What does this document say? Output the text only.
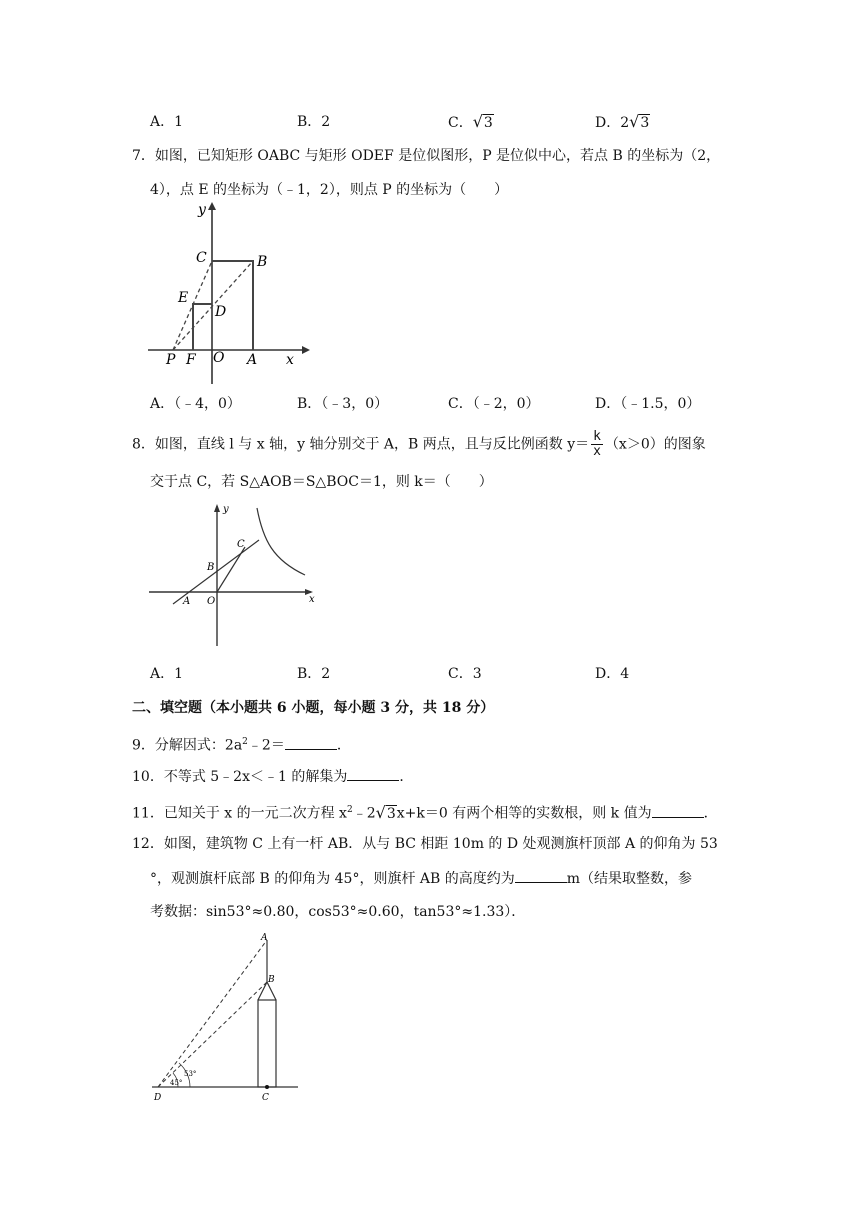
A．1	B．2	C．√3	D．2√3
7．如图，已知矩形 OABC 与矩形 ODEF 是位似图形，P 是位似中心，若点 B 的坐标为（2，
4），点 E 的坐标为（﹣1，2），则点 P 的坐标为（　　）
y
x
C	B
E
D
P F O A
A．（﹣4，0）	B．（﹣3，0）	C．（﹣2，0）	D．（﹣1.5，0）
8．如图，直线 l 与 x 轴，y 轴分别交于 A，B 两点，且与反比例函数 $y= \frac{k}{x} (x>0)$的图象
交于点 C，若 S△AOB＝S△BOC＝1，则 k＝（　　）
y
x
C
B
A O
A．1	B．2	C．3	D．4
二、填空题（本小题共 6 小题，每小题 3 分，共 18 分）
9．分解因式：$2a^2﹣2=$	．
10．不等式 5﹣2x＜﹣1 的解集为	．
11．已知关于 x 的一元二次方程 $x^2﹣2√3x+k=0$ 有两个相等的实数根，则 k 值为	．
12．如图，建筑物 C 上有一杆 AB．从与 BC 相距 10m 的 D 处观测旗杆顶部 A 的仰角为 53
°，观测旗杆底部 B 的仰角为 45°，则旗杆 AB 的高度约为	m（结果取整数，参
考数据：sin53°≈0.80，cos53°≈0.60，tan53°≈1.33）．
A
B
C
D
53°
45°
